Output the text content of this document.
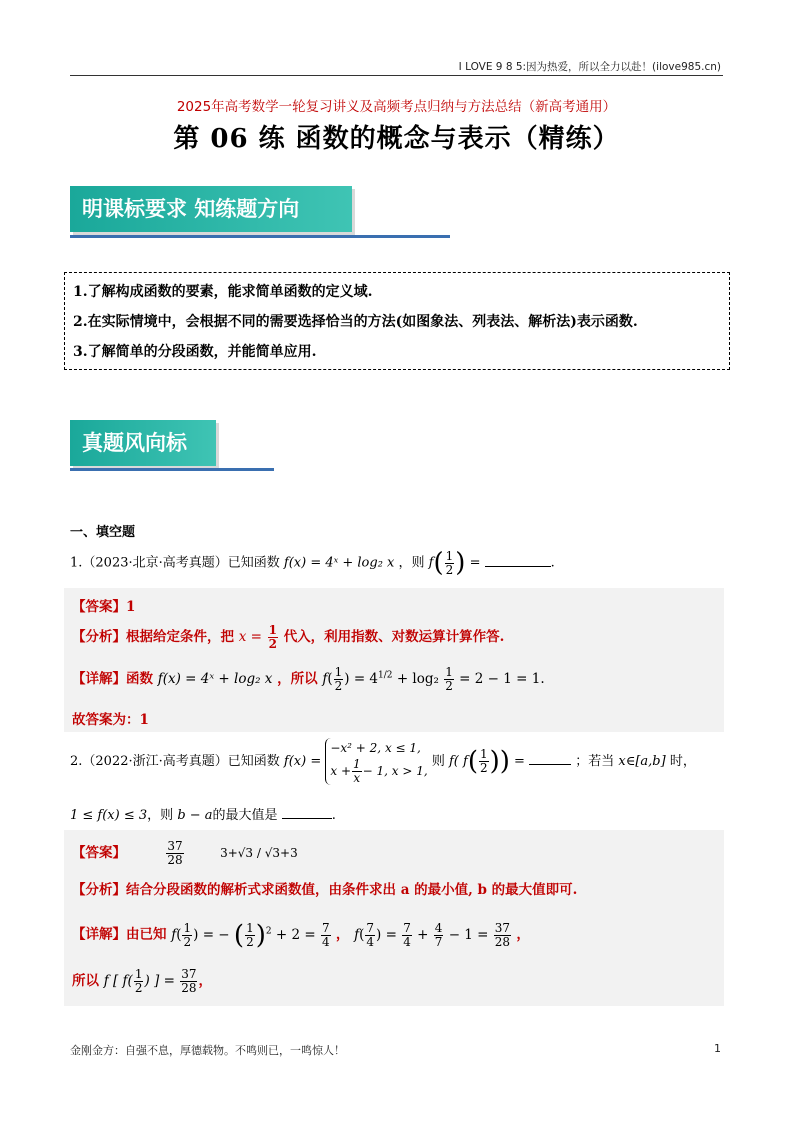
I LOVE 9 8 5:因为热爱，所以全力以赴！(ilove985.cn)
2025年高考数学一轮复习讲义及高频考点归纳与方法总结（新高考通用）
第 06 练 函数的概念与表示（精练）
明课标要求 知练题方向
1.了解构成函数的要素，能求简单函数的定义域.
2.在实际情境中，会根据不同的需要选择恰当的方法(如图象法、列表法、解析法)表示函数.
3.了解简单的分段函数，并能简单应用.
真题风向标
一、填空题
1.（2023·北京·高考真题）已知函数 f(x) = 4ˣ + log₂ x ，则 $f( \frac{1}{2}$ ) =	.
【答案】1
【分析】根据给定条件，把 $x = \frac{1}{2}$ 代入，利用指数、对数运算计算作答.
【详解】函数 f(x) = 4ˣ + log₂ x ，所以 $f( \frac{1}{2}$ ) = $4^{1/2} + \log_2 \frac{1}{2} = 2 - 1 = 1$.
故答案为：1
2.（2022·浙江·高考真题）已知函数 f(x) =
−x² + 2, x ≤ 1,
$x + \frac{1}{x} - 1$, x > 1,
则 f( $f( \frac{1}{2}$ )) =	；若当 x∈[a,b] 时，
1 ≤ f(x) ≤ 3，则 b − a的最大值是	.
【答案】	$\frac{37}{28}$	3+√3 / √3+3
【分析】结合分段函数的解析式求函数值，由条件求出 a 的最小值, b 的最大值即可.
【详解】由已知 $f( \frac{1}{2}$ ) = − ( $\frac{1}{2} )^2 + 2 = \frac{7}{4}$ ， $f( \frac{7}{4}$ ) = $\frac{7}{4} + \frac{4}{7} - 1 = \frac{37}{28}$ ，
所以 f [ $f( \frac{1}{2}$ ) ] = $\frac{37}{28}$ ，
金刚金方：自强不息，厚德载物。不鸣则已，一鸣惊人！	1
